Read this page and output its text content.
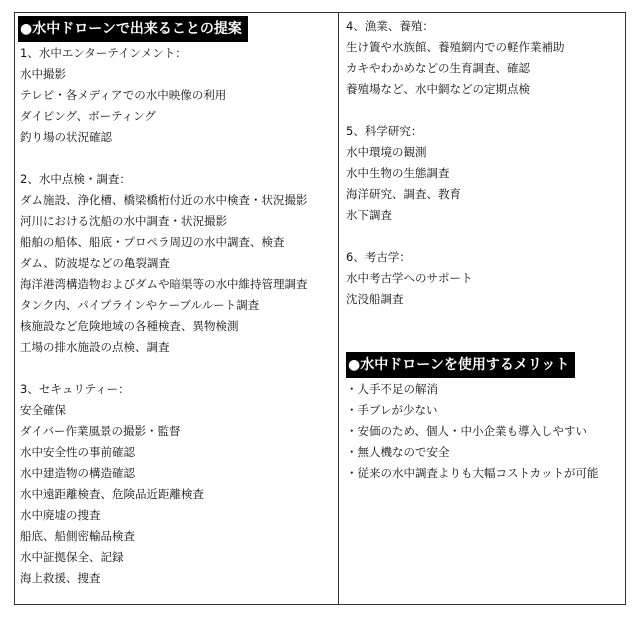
●水中ドローンで出来ることの提案
1、水中エンターテインメント：
水中撮影
テレビ・各メディアでの水中映像の利用
ダイビング、ボーティング
釣り場の状況確認
2、水中点検・調査：
ダム施設、浄化槽、橋梁橋桁付近の水中検査・状況撮影
河川における沈船の水中調査・状況撮影
船舶の船体、船底・プロペラ周辺の水中調査、検査
ダム、防波堤などの亀裂調査
海洋港湾構造物およびダムや暗渠等の水中維持管理調査
タンク内、パイプラインやケーブルルート調査
核施設など危険地域の各種検査、異物検測
工場の排水施設の点検、調査
3、セキュリティー：
安全確保
ダイバー作業風景の撮影・監督
水中安全性の事前確認
水中建造物の構造確認
水中遠距離検査、危険品近距離検査
水中廃墟の捜査
船底、船側密輸品検査
水中証拠保全、記録
海上救援、捜査
4、漁業、養殖：
生け簀や水族館、養殖網内での軽作業補助
カキやわかめなどの生育調査、確認
養殖場など、水中網などの定期点検
5、科学研究：
水中環境の観測
水中生物の生態調査
海洋研究、調査、教育
氷下調査
6、考古学：
水中考古学へのサポート
沈没船調査
●水中ドローンを使用するメリット
・人手不足の解消
・手ブレが少ない
・安価のため、個人・中小企業も導入しやすい
・無人機なので安全
・従来の水中調査よりも大幅コストカットが可能
